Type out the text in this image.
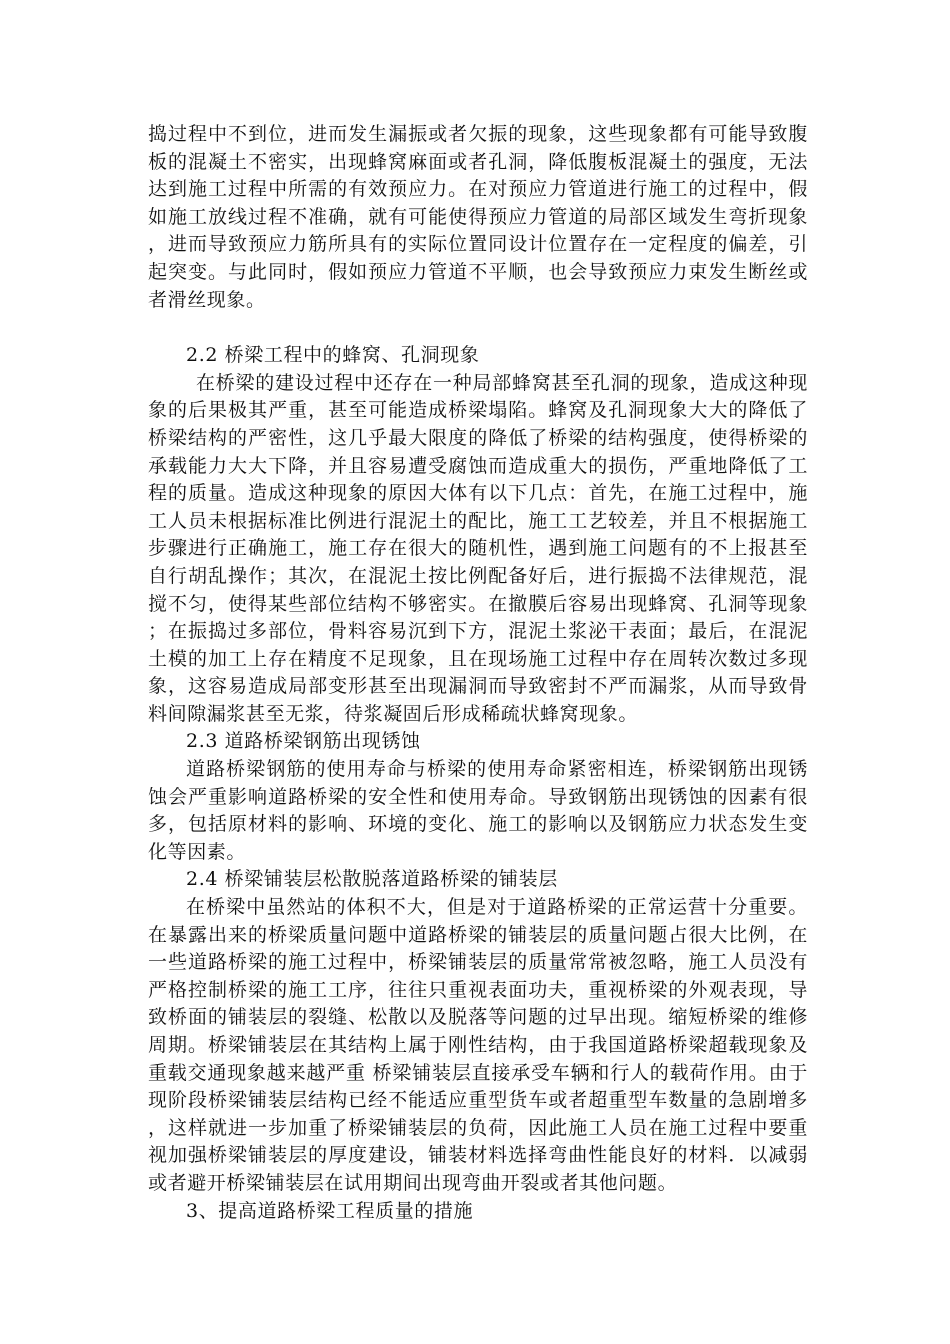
捣过程中不到位，进而发生漏振或者欠振的现象，这些现象都有可能导致腹板的混凝土不密实，出现蜂窝麻面或者孔洞，降低腹板混凝土的强度，无法达到施工过程中所需的有效预应力。在对预应力管道进行施工的过程中，假如施工放线过程不准确，就有可能使得预应力管道的局部区域发生弯折现象，进而导致预应力筋所具有的实际位置同设计位置存在一定程度的偏差，引起突变。与此同时，假如预应力管道不平顺，也会导致预应力束发生断丝或者滑丝现象。

2.2 桥梁工程中的蜂窝、孔洞现象

在桥梁的建设过程中还存在一种局部蜂窝甚至孔洞的现象，造成这种现象的后果极其严重，甚至可能造成桥梁塌陷。蜂窝及孔洞现象大大的降低了桥梁结构的严密性，这几乎最大限度的降低了桥梁的结构强度，使得桥梁的承载能力大大下降，并且容易遭受腐蚀而造成重大的损伤，严重地降低了工程的质量。造成这种现象的原因大体有以下几点：首先，在施工过程中，施工人员未根据标准比例进行混泥土的配比，施工工艺较差，并且不根据施工步骤进行正确施工，施工存在很大的随机性，遇到施工问题有的不上报甚至自行胡乱操作；其次，在混泥土按比例配备好后，进行振捣不法律规范，混搅不匀，使得某些部位结构不够密实。在撤膜后容易出现蜂窝、孔洞等现象；在振捣过多部位，骨料容易沉到下方，混泥土浆泌干表面；最后，在混泥土模的加工上存在精度不足现象，且在现场施工过程中存在周转次数过多现象，这容易造成局部变形甚至出现漏洞而导致密封不严而漏浆，从而导致骨料间隙漏浆甚至无浆，待浆凝固后形成稀疏状蜂窝现象。

2.3 道路桥梁钢筋出现锈蚀

道路桥梁钢筋的使用寿命与桥梁的使用寿命紧密相连，桥梁钢筋出现锈蚀会严重影响道路桥梁的安全性和使用寿命。导致钢筋出现锈蚀的因素有很多，包括原材料的影响、环境的变化、施工的影响以及钢筋应力状态发生变化等因素。

2.4 桥梁铺装层松散脱落道路桥梁的铺装层

在桥梁中虽然站的体积不大，但是对于道路桥梁的正常运营十分重要。在暴露出来的桥梁质量问题中道路桥梁的铺装层的质量问题占很大比例，在一些道路桥梁的施工过程中，桥梁铺装层的质量常常被忽略，施工人员没有严格控制桥梁的施工工序，往往只重视表面功夫，重视桥梁的外观表现，导致桥面的铺装层的裂缝、松散以及脱落等问题的过早出现。缩短桥梁的维修周期。桥梁铺装层在其结构上属于刚性结构，由于我国道路桥梁超载现象及重载交通现象越来越严重 桥梁铺装层直接承受车辆和行人的载荷作用。由于现阶段桥梁铺装层结构已经不能适应重型货车或者超重型车数量的急剧增多，这样就进一步加重了桥梁铺装层的负荷，因此施工人员在施工过程中要重视加强桥梁铺装层的厚度建设，铺装材料选择弯曲性能良好的材料．以减弱或者避开桥梁铺装层在试用期间出现弯曲开裂或者其他问题。

3、提高道路桥梁工程质量的措施
